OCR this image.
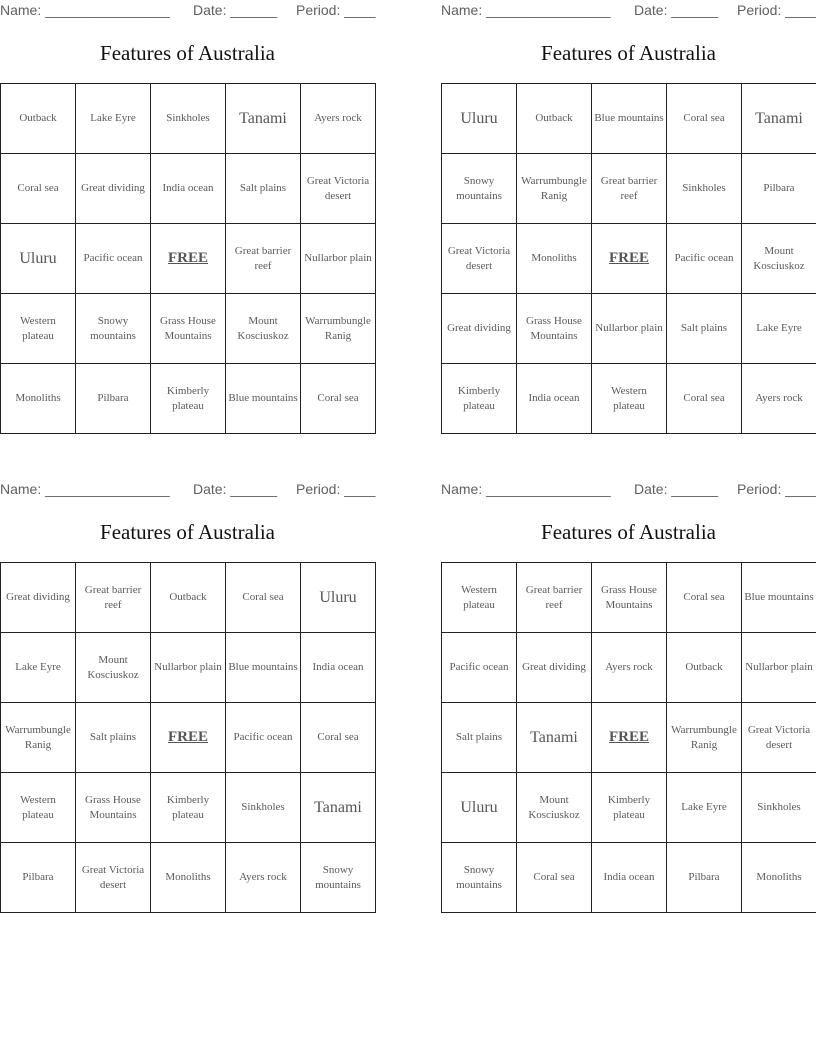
Name: ________________ Date: ______ Period: ____
Features of Australia
Outback	Lake Eyre	Sinkholes	Tanami	Ayers rock
Coral sea	Great dividing	India ocean	Salt plains	Great Victoria desert
Uluru	Pacific ocean	FREE	Great barrier reef	Nullarbor plain
Western plateau	Snowy mountains	Grass House Mountains	Mount Kosciuskoz	Warrumbungle Ranig
Monoliths	Pilbara	Kimberly plateau	Blue mountains	Coral sea
Name: ________________ Date: ______ Period: ____
Features of Australia
Uluru	Outback	Blue mountains	Coral sea	Tanami
Snowy mountains	Warrumbungle Ranig	Great barrier reef	Sinkholes	Pilbara
Great Victoria desert	Monoliths	FREE	Pacific ocean	Mount Kosciuskoz
Great dividing	Grass House Mountains	Nullarbor plain	Salt plains	Lake Eyre
Kimberly plateau	India ocean	Western plateau	Coral sea	Ayers rock
Name: ________________ Date: ______ Period: ____
Features of Australia
Great dividing	Great barrier reef	Outback	Coral sea	Uluru
Lake Eyre	Mount Kosciuskoz	Nullarbor plain	Blue mountains	India ocean
Warrumbungle Ranig	Salt plains	FREE	Pacific ocean	Coral sea
Western plateau	Grass House Mountains	Kimberly plateau	Sinkholes	Tanami
Pilbara	Great Victoria desert	Monoliths	Ayers rock	Snowy mountains
Name: ________________ Date: ______ Period: ____
Features of Australia
Western plateau	Great barrier reef	Grass House Mountains	Coral sea	Blue mountains
Pacific ocean	Great dividing	Ayers rock	Outback	Nullarbor plain
Salt plains	Tanami	FREE	Warrumbungle Ranig	Great Victoria desert
Uluru	Mount Kosciuskoz	Kimberly plateau	Lake Eyre	Sinkholes
Snowy mountains	Coral sea	India ocean	Pilbara	Monoliths
